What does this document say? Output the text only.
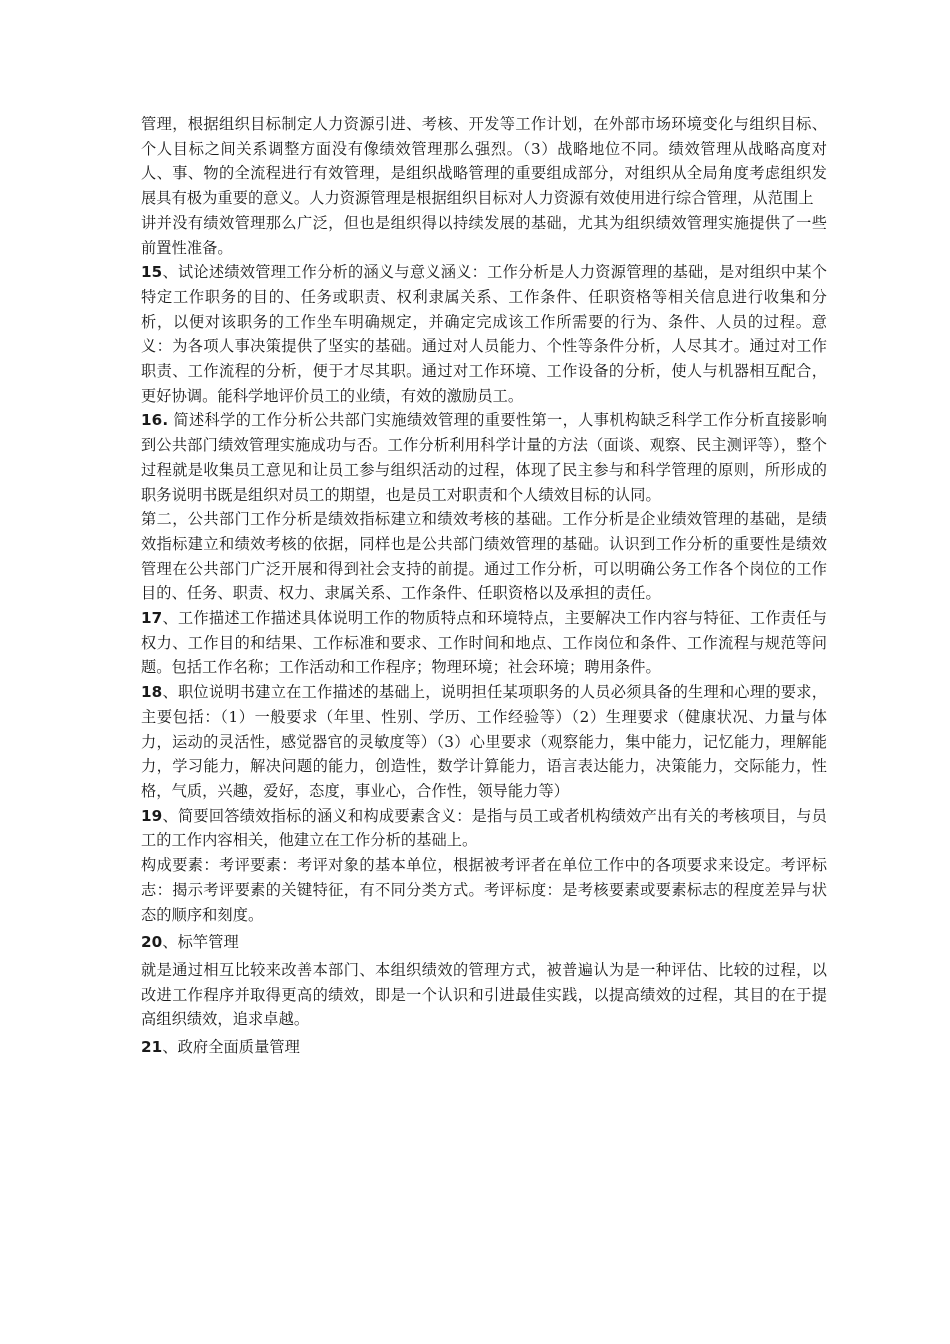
管理，根据组织目标制定人力资源引进、考核、开发等工作计划，在外部市场环境变化与组织目标、个人目标之间关系调整方面没有像绩效管理那么强烈。（3）战略地位不同。绩效管理从战略高度对人、事、物的全流程进行有效管理，是组织战略管理的重要组成部分，对组织从全局角度考虑组织发展具有极为重要的意义。人力资源管理是根据组织目标对人力资源有效使用进行综合管理，从范围上

讲并没有绩效管理那么广泛，但也是组织得以持续发展的基础，尤其为组织绩效管理实施提供了一些前置性准备。

15、试论述绩效管理工作分析的涵义与意义涵义：工作分析是人力资源管理的基础，是对组织中某个特定工作职务的目的、任务或职责、权利隶属关系、工作条件、任职资格等相关信息进行收集和分析，以便对该职务的工作坐车明确规定，并确定完成该工作所需要的行为、条件、人员的过程。意义：为各项人事决策提供了坚实的基础。通过对人员能力、个性等条件分析，人尽其才。通过对工作职责、工作流程的分析，便于才尽其职。通过对工作环境、工作设备的分析，使人与机器相互配合，更好协调。能科学地评价员工的业绩，有效的激励员工。

16. 简述科学的工作分析公共部门实施绩效管理的重要性第一，人事机构缺乏科学工作分析直接影响到公共部门绩效管理实施成功与否。工作分析利用科学计量的方法（面谈、观察、民主测评等），整个过程就是收集员工意见和让员工参与组织活动的过程，体现了民主参与和科学管理的原则，所形成的职务说明书既是组织对员工的期望，也是员工对职责和个人绩效目标的认同。

第二，公共部门工作分析是绩效指标建立和绩效考核的基础。工作分析是企业绩效管理的基础，是绩效指标建立和绩效考核的依据，同样也是公共部门绩效管理的基础。认识到工作分析的重要性是绩效管理在公共部门广泛开展和得到社会支持的前提。通过工作分析，可以明确公务工作各个岗位的工作目的、任务、职责、权力、隶属关系、工作条件、任职资格以及承担的责任。

17、工作描述工作描述具体说明工作的物质特点和环境特点，主要解决工作内容与特征、工作责任与权力、工作目的和结果、工作标准和要求、工作时间和地点、工作岗位和条件、工作流程与规范等问题。包括工作名称；工作活动和工作程序；物理环境；社会环境；聘用条件。

18、职位说明书建立在工作描述的基础上，说明担任某项职务的人员必须具备的生理和心理的要求，主要包括：（1）一般要求（年里、性别、学历、工作经验等）（2）生理要求（健康状况、力量与体力，运动的灵活性，感觉器官的灵敏度等）（3）心里要求（观察能力，集中能力，记忆能力，理解能力，学习能力，解决问题的能力，创造性，数学计算能力，语言表达能力，决策能力，交际能力，性格，气质，兴趣，爱好，态度，事业心，合作性，领导能力等）

19、简要回答绩效指标的涵义和构成要素含义：是指与员工或者机构绩效产出有关的考核项目，与员工的工作内容相关，他建立在工作分析的基础上。

构成要素：考评要素：考评对象的基本单位，根据被考评者在单位工作中的各项要求来设定。考评标志：揭示考评要素的关键特征，有不同分类方式。考评标度：是考核要素或要素标志的程度差异与状态的顺序和刻度。

20、标竿管理

就是通过相互比较来改善本部门、本组织绩效的管理方式，被普遍认为是一种评估、比较的过程，以改进工作程序并取得更高的绩效，即是一个认识和引进最佳实践，以提高绩效的过程，其目的在于提高组织绩效，追求卓越。

21、政府全面质量管理
